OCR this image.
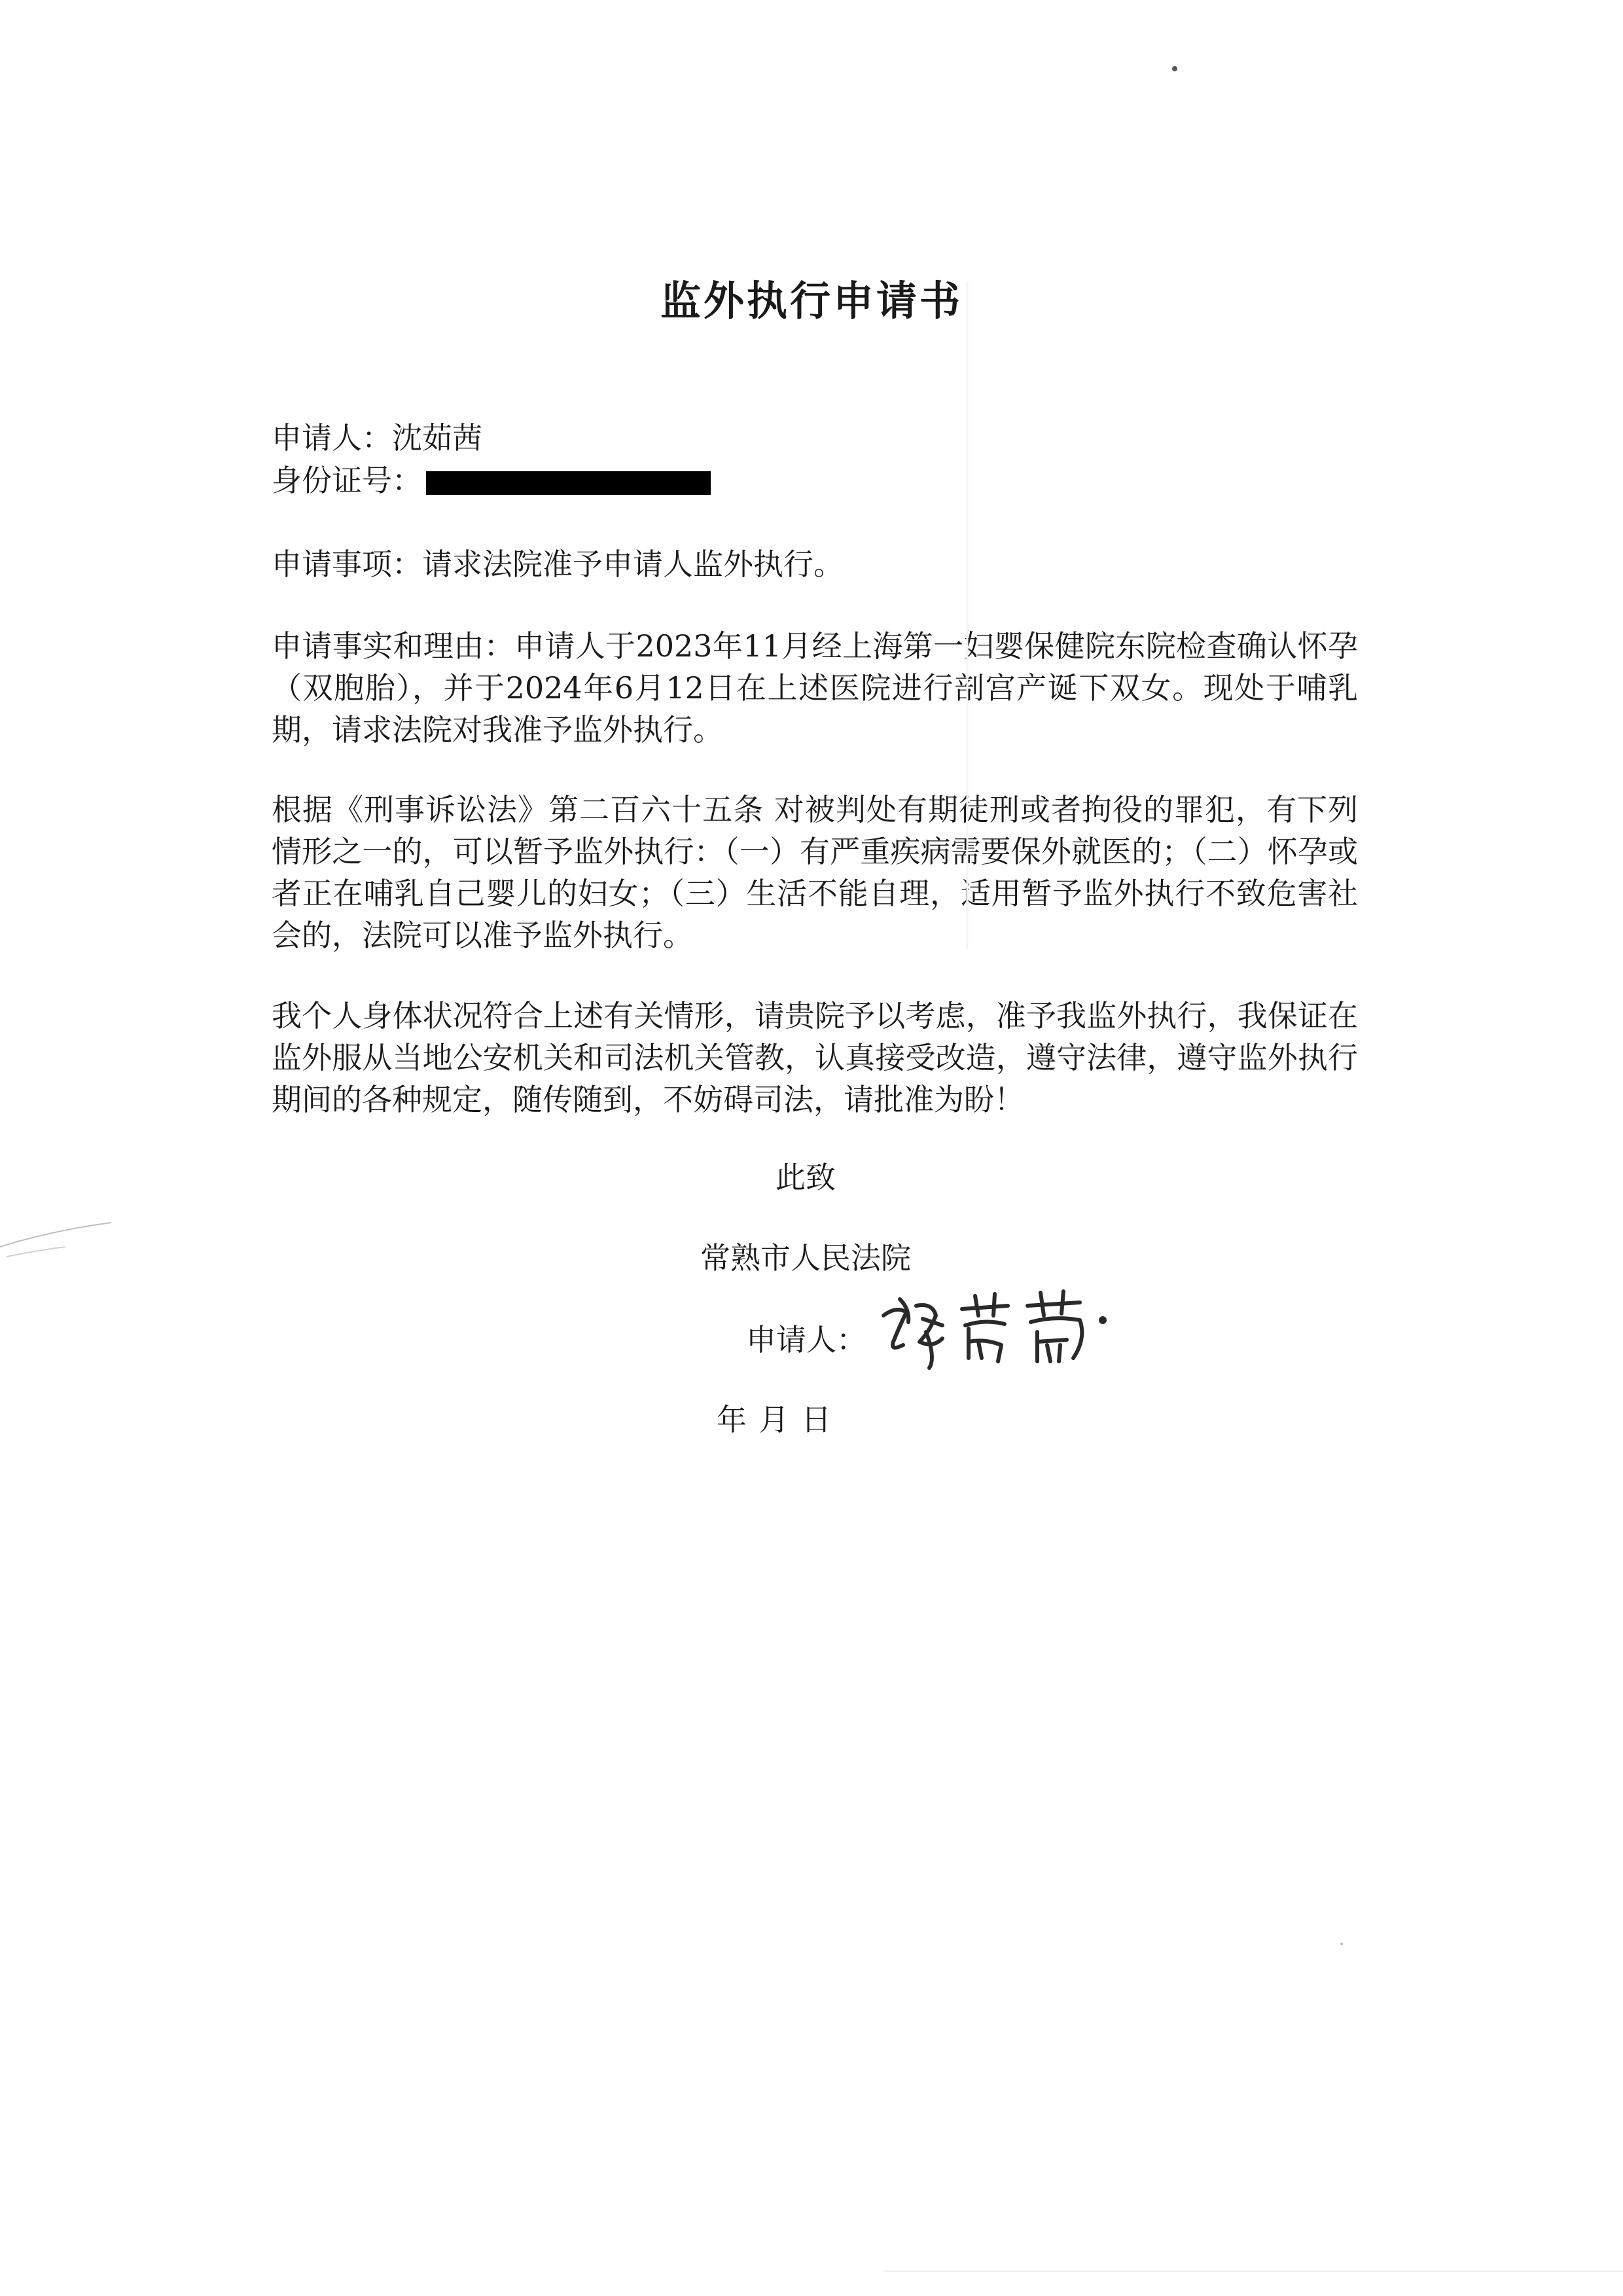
监外执行申请书
申请人：沈茹茜
身份证号：
申请事项：请求法院准予申请人监外执行。
申请事实和理由：申请人于2023年11月经上海第一妇婴保健院东院检查确认怀孕（双胞胎），并于2024年6月12日在上述医院进行剖宫产诞下双女。现处于哺乳期，请求法院对我准予监外执行。
根据《刑事诉讼法》第二百六十五条 对被判处有期徒刑或者拘役的罪犯，有下列情形之一的，可以暂予监外执行：（一）有严重疾病需要保外就医的；（二）怀孕或者正在哺乳自己婴儿的妇女；（三）生活不能自理，适用暂予监外执行不致危害社会的，法院可以准予监外执行。
我个人身体状况符合上述有关情形，请贵院予以考虑，准予我监外执行，我保证在监外服从当地公安机关和司法机关管教，认真接受改造，遵守法律，遵守监外执行期间的各种规定，随传随到，不妨碍司法，请批准为盼！
此致
常熟市人民法院
申请人：
年 月 日
